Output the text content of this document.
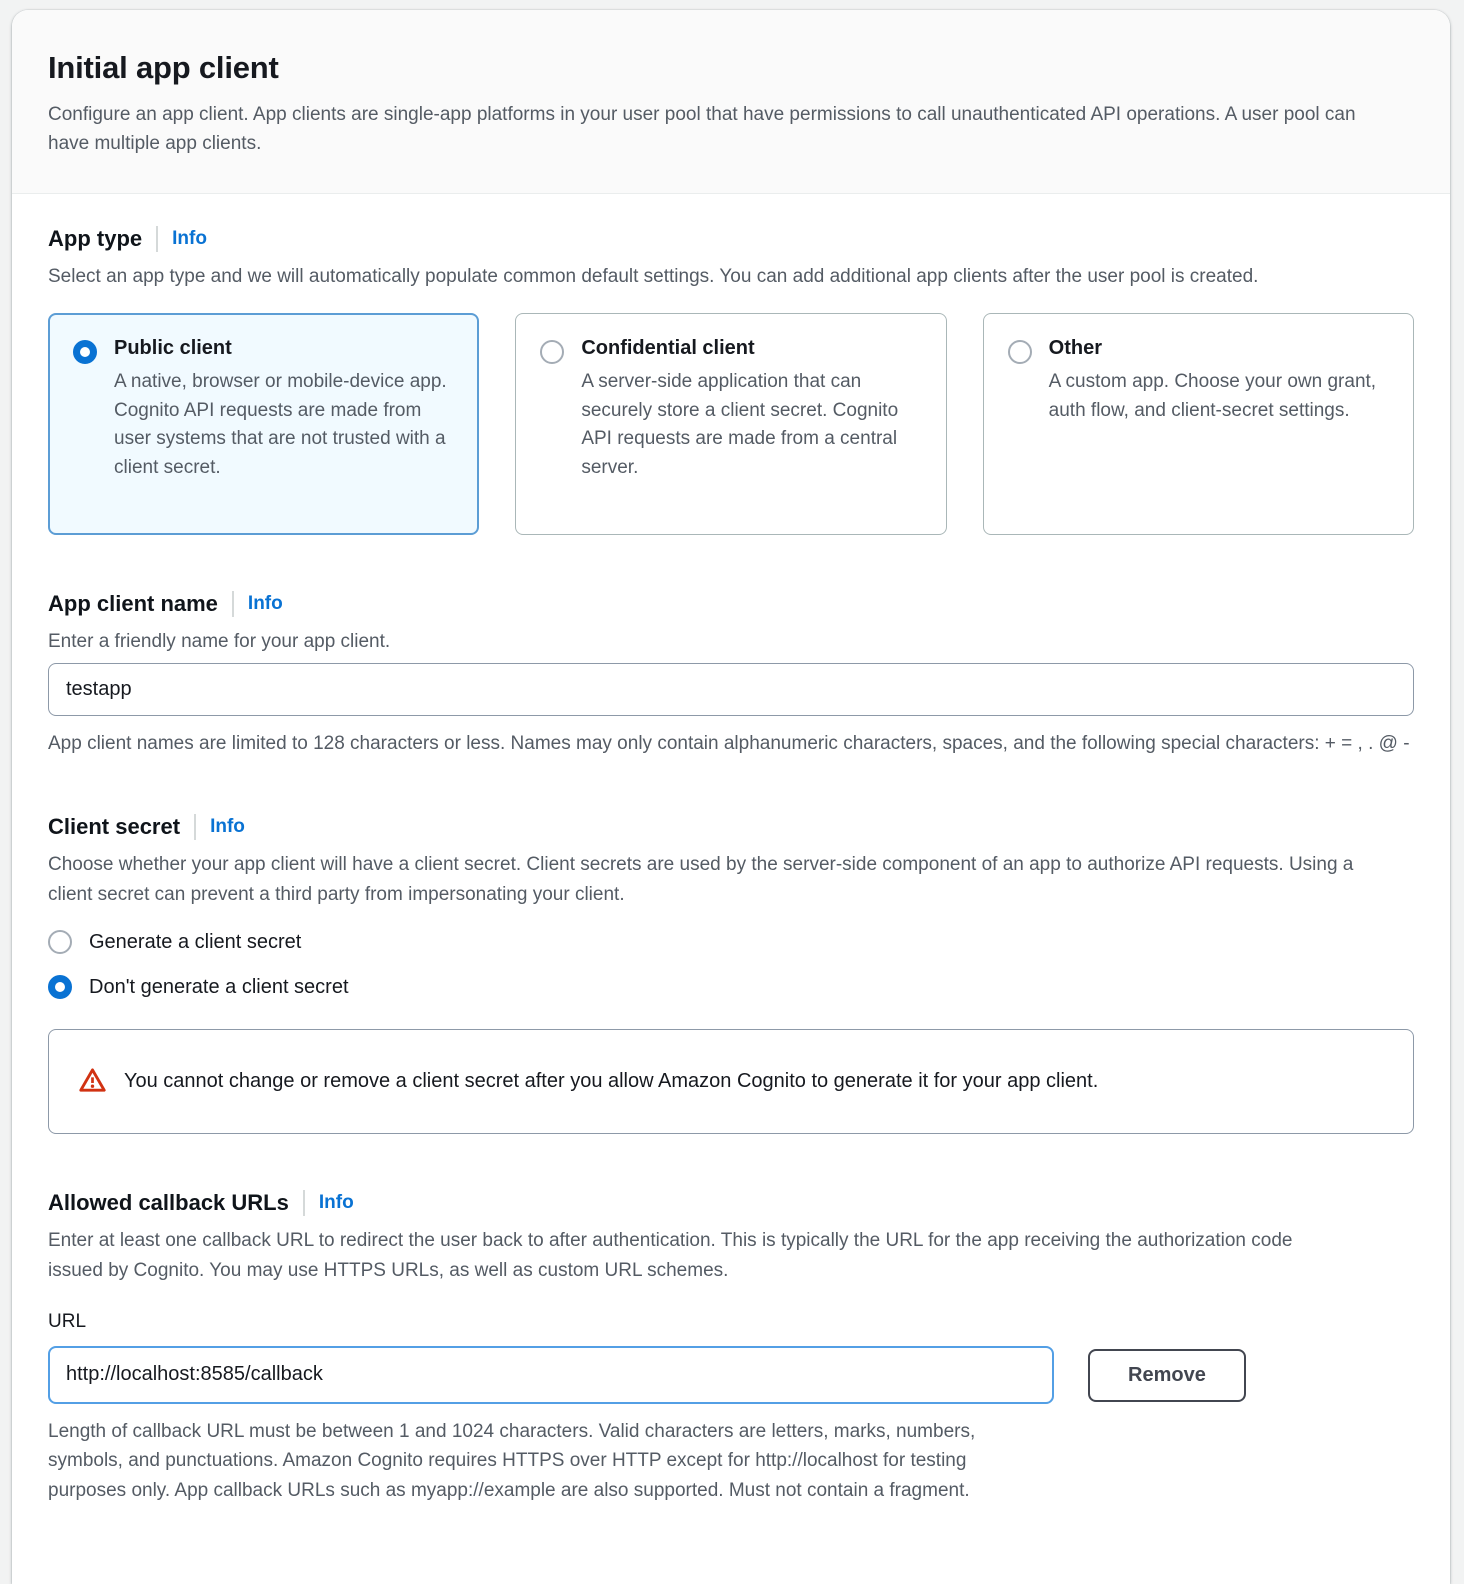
Initial app client

Configure an app client. App clients are single-app platforms in your user pool that have permissions to call unauthenticated API operations. A user pool can have multiple app clients.

App type Info

Select an app type and we will automatically populate common default settings. You can add additional app clients after the user pool is created.

Public client
A native, browser or mobile-device app. Cognito API requests are made from user systems that are not trusted with a client secret.
Confidential client
A server-side application that can securely store a client secret. Cognito API requests are made from a central server.
Other
A custom app. Choose your own grant, auth flow, and client-secret settings.
App client name Info

Enter a friendly name for your app client.

testapp

App client names are limited to 128 characters or less. Names may only contain alphanumeric characters, spaces, and the following special characters: + = , . @ -

Client secret Info

Choose whether your app client will have a client secret. Client secrets are used by the server-side component of an app to authorize API requests. Using a client secret can prevent a third party from impersonating your client.

Generate a client secret
Don't generate a client secret

You cannot change or remove a client secret after you allow Amazon Cognito to generate it for your app client.

Allowed callback URLs Info

Enter at least one callback URL to redirect the user back to after authentication. This is typically the URL for the app receiving the authorization code issued by Cognito. You may use HTTPS URLs, as well as custom URL schemes.

URL

http://localhost:8585/callback
Remove

Length of callback URL must be between 1 and 1024 characters. Valid characters are letters, marks, numbers, symbols, and punctuations. Amazon Cognito requires HTTPS over HTTP except for http://localhost for testing purposes only. App callback URLs such as myapp://example are also supported. Must not contain a fragment.
